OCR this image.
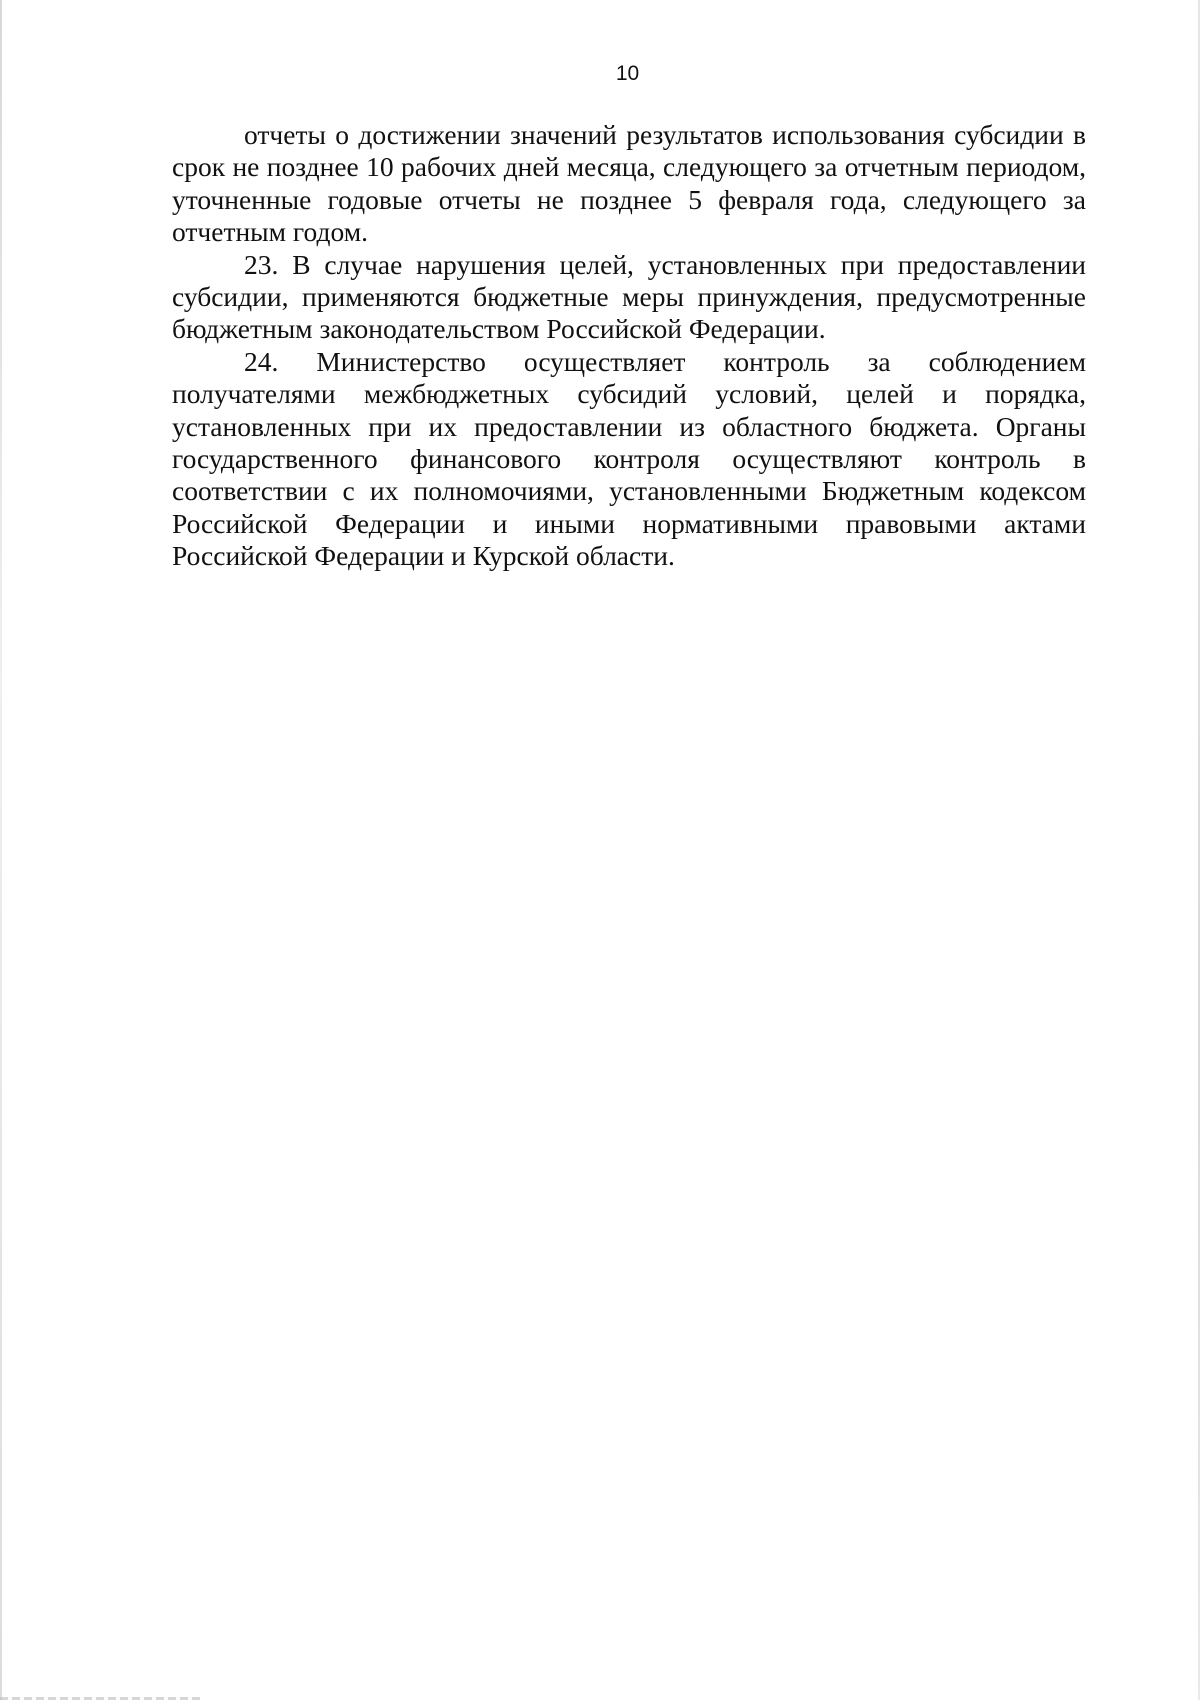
10

отчеты о достижении значений результатов использования субсидии в срок не позднее 10 рабочих дней месяца, следующего за отчетным периодом, уточненные годовые отчеты не позднее 5 февраля года, следующего за отчетным годом.

23. В случае нарушения целей, установленных при предоставлении субсидии, применяются бюджетные меры принуждения, предусмотренные бюджетным законодательством Российской Федерации.

24. Министерство осуществляет контроль за соблюдением получателями межбюджетных субсидий условий, целей и порядка, установленных при их предоставлении из областного бюджета. Органы государственного финансового контроля осуществляют контроль в соответствии с их полномочиями, установленными Бюджетным кодексом Российской Федерации и иными нормативными правовыми актами Российской Федерации и Курской области.
